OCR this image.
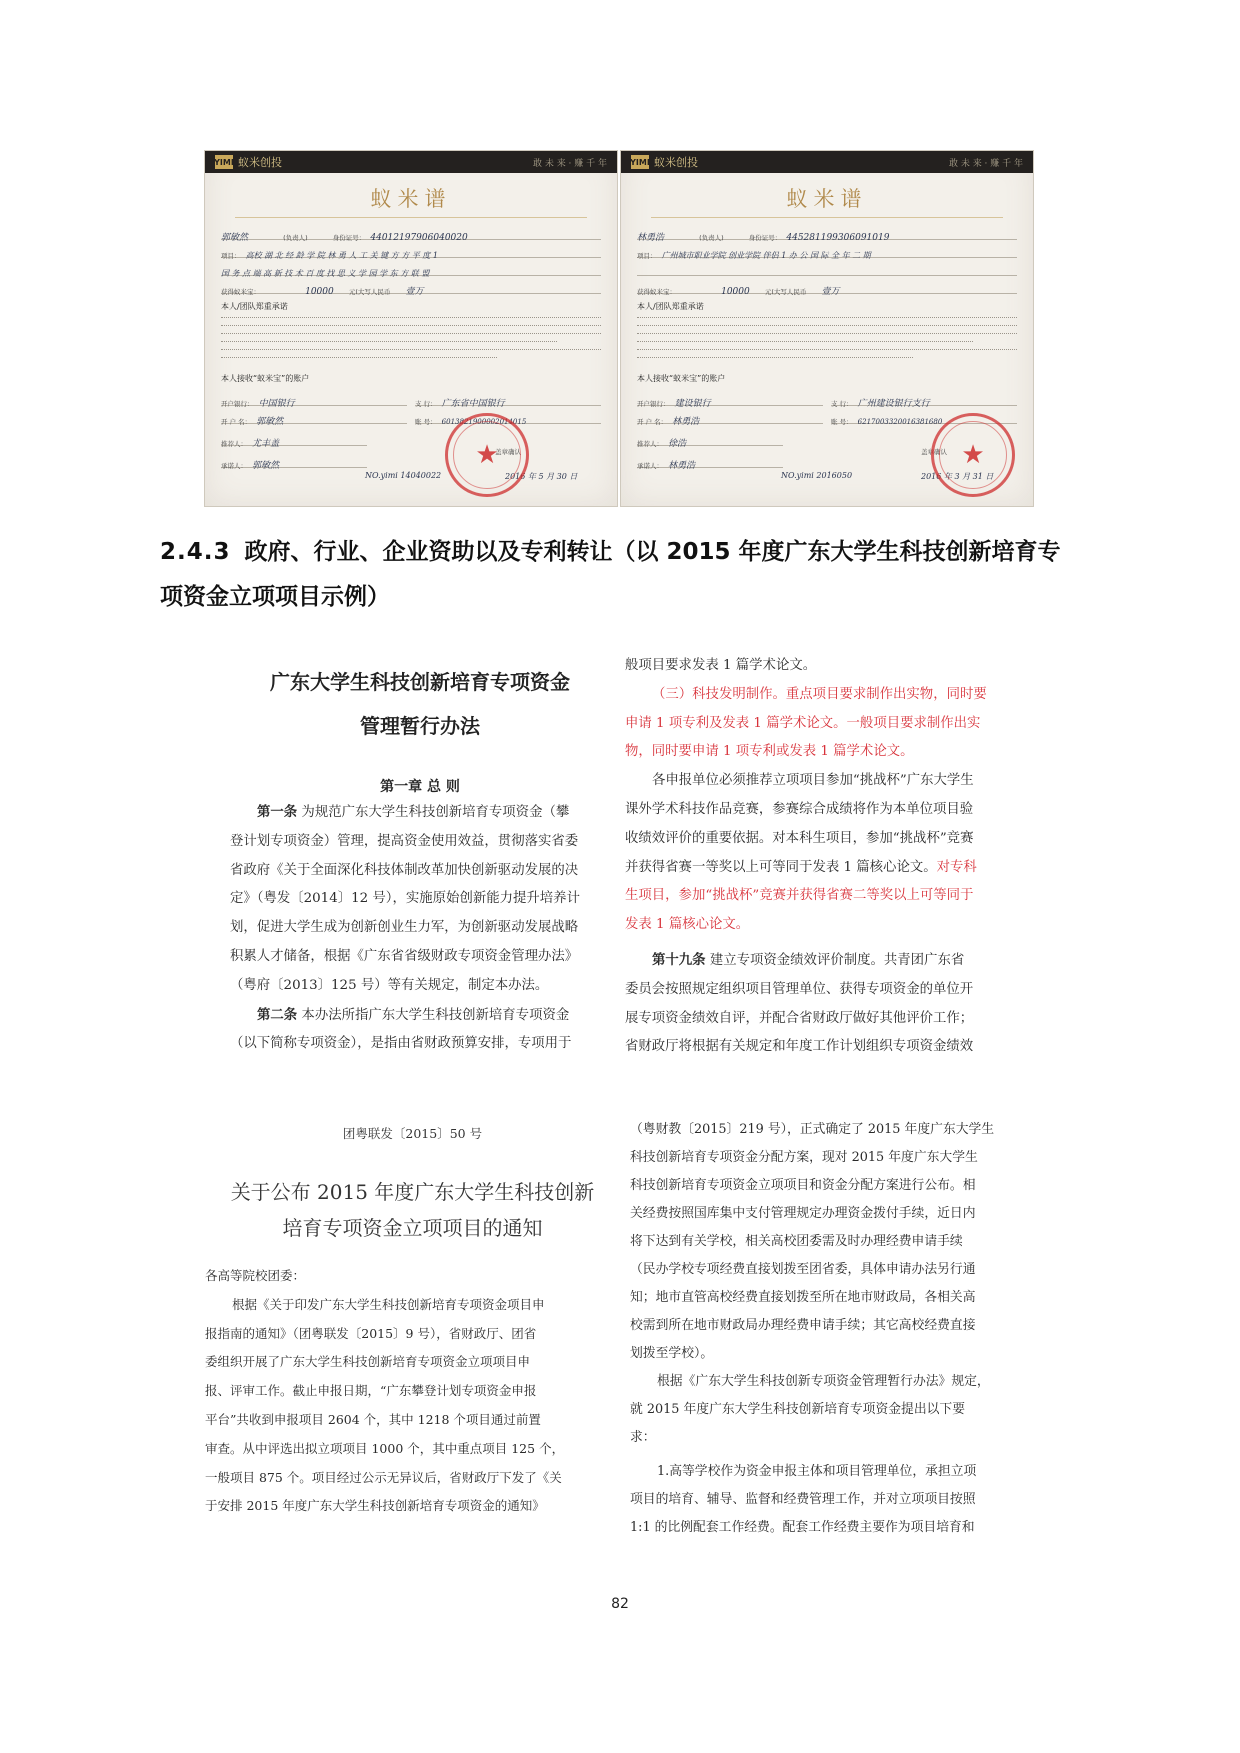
YIMI 蚁米创投	敢 未 来 · 赚 千 年
蚁米谱
郭敏然	(负责人)	身份证号： 44012197906040020
项目： 高校 湖 北 经 龄 学 院 林 勇 人 工 关 键 方 方 平 度 1
国 务 点 端 高 新 技 术 百 度 找 思 义 学 园 学 东 方 联 盟
获得蚁米宝：	10000 元(大写人民币 壹万
本人/团队郑重承诺
本人接收“蚁米宝”的账户
开户银行： 中国银行	支 行： 广东省中国银行
开 户 名： 郭敏然	账 号： 6013821900002014015
推荐人： 尤丰盖
承诺人： 郭敏然
盖章确认
NO.yimi 14040022	2016 年 5 月 30 日
★
YIMI 蚁米创投	敢 未 来 · 赚 千 年
蚁米谱
林勇浩	(负责人)	身份证号： 445281199306091019
项目： 广州城市职业学院 创业学院 伴侣 1 办 公 国 际 全 年 二 期
获得蚁米宝：	10000 元(大写人民币 壹万
本人/团队郑重承诺
本人接收“蚁米宝”的账户
开户银行： 建设银行	支 行： 广州建设银行支行
开 户 名： 林勇浩	账 号： 6217003320016381680
推荐人： 徐浩
承诺人： 林勇浩
盖章确认
NO.yimi 2016050	2016 年 3 月 31 日
★
2.4.3 政府、行业、企业资助以及专利转让（以 2015 年度广东大学生科技创新培育专项资金立项项目示例）
广东大学生科技创新培育专项资金
管理暂行办法
第一章 总 则
第一条 为规范广东大学生科技创新培育专项资金（攀
登计划专项资金）管理，提高资金使用效益，贯彻落实省委
省政府《关于全面深化科技体制改革加快创新驱动发展的决
定》（粤发〔2014〕12 号），实施原始创新能力提升培养计
划，促进大学生成为创新创业生力军，为创新驱动发展战略
积累人才储备，根据《广东省省级财政专项资金管理办法》
（粤府〔2013〕125 号）等有关规定，制定本办法。
第二条 本办法所指广东大学生科技创新培育专项资金
（以下简称专项资金），是指由省财政预算安排，专项用于
般项目要求发表 1 篇学术论文。
（三）科技发明制作。重点项目要求制作出实物，同时要
申请 1 项专利及发表 1 篇学术论文。一般项目要求制作出实
物，同时要申请 1 项专利或发表 1 篇学术论文。
各申报单位必须推荐立项项目参加“挑战杯”广东大学生
课外学术科技作品竞赛，参赛综合成绩将作为本单位项目验
收绩效评价的重要依据。对本科生项目，参加“挑战杯”竞赛
并获得省赛一等奖以上可等同于发表 1 篇核心论文。对专科
生项目，参加“挑战杯”竞赛并获得省赛二等奖以上可等同于
发表 1 篇核心论文。
第十九条 建立专项资金绩效评价制度。共青团广东省
委员会按照规定组织项目管理单位、获得专项资金的单位开
展专项资金绩效自评，并配合省财政厅做好其他评价工作；
省财政厅将根据有关规定和年度工作计划组织专项资金绩效
团粤联发〔2015〕50 号
关于公布 2015 年度广东大学生科技创新
培育专项资金立项项目的通知
各高等院校团委：
根据《关于印发广东大学生科技创新培育专项资金项目申
报指南的通知》（团粤联发〔2015〕9 号），省财政厅、团省
委组织开展了广东大学生科技创新培育专项资金立项项目申
报、评审工作。截止申报日期，“广东攀登计划专项资金申报
平台”共收到申报项目 2604 个，其中 1218 个项目通过前置
审查。从中评选出拟立项项目 1000 个，其中重点项目 125 个，
一般项目 875 个。项目经过公示无异议后，省财政厅下发了《关
于安排 2015 年度广东大学生科技创新培育专项资金的通知》
（粤财教〔2015〕219 号），正式确定了 2015 年度广东大学生
科技创新培育专项资金分配方案，现对 2015 年度广东大学生
科技创新培育专项资金立项项目和资金分配方案进行公布。相
关经费按照国库集中支付管理规定办理资金拨付手续，近日内
将下达到有关学校，相关高校团委需及时办理经费申请手续
（民办学校专项经费直接划拨至团省委，具体申请办法另行通
知；地市直管高校经费直接划拨至所在地市财政局，各相关高
校需到所在地市财政局办理经费申请手续；其它高校经费直接
划拨至学校）。
根据《广东大学生科技创新专项资金管理暂行办法》规定，
就 2015 年度广东大学生科技创新培育专项资金提出以下要
求：
1.高等学校作为资金申报主体和项目管理单位，承担立项
项目的培育、辅导、监督和经费管理工作，并对立项项目按照
1:1 的比例配套工作经费。配套工作经费主要作为项目培育和
82
